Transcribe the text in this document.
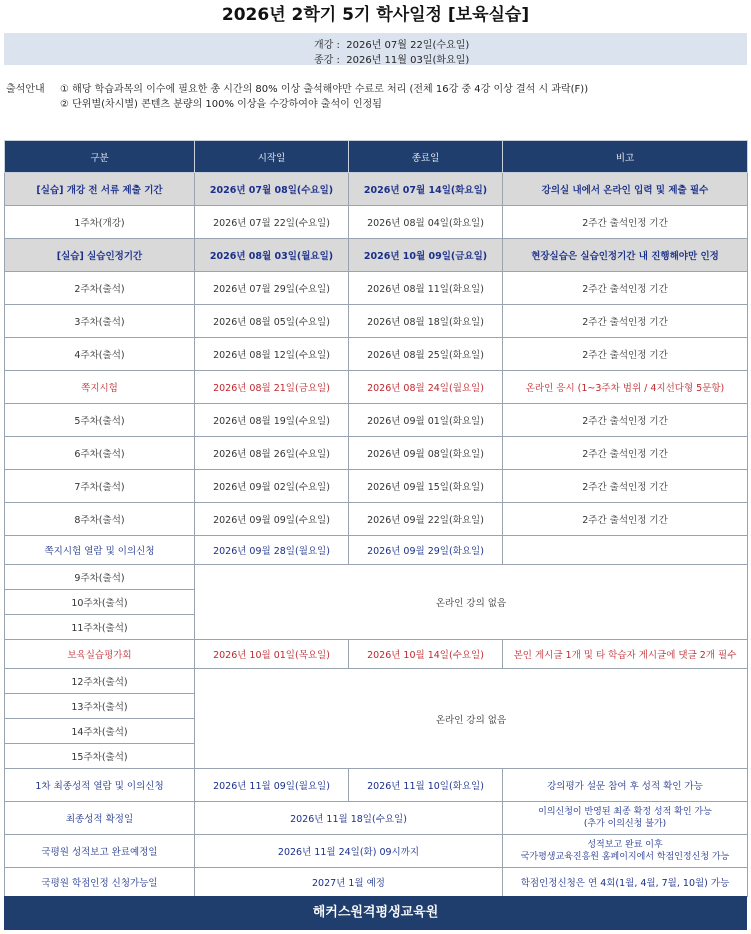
2026년 2학기 5기 학사일정 [보육실습]
개강 :  2026년 07월 22일(수요일)
종강 :  2026년 11월 03일(화요일)
출석안내 ① 해당 학습과목의 이수에 필요한 총 시간의 80% 이상 출석해야만 수료로 처리 (전체 16강 중 4강 이상 결석 시 과락(F))
② 단위별(차시별) 콘텐츠 분량의 100% 이상을 수강하여야 출석이 인정됨
구분	시작일	종료일	비고
[실습] 개강 전 서류 제출 기간	2026년 07월 08일(수요일)	2026년 07월 14일(화요일)	강의실 내에서 온라인 입력 및 제출 필수
1주차(개강)	2026년 07월 22일(수요일)	2026년 08월 04일(화요일)	2주간 출석인정 기간
[실습] 실습인정기간	2026년 08월 03일(월요일)	2026년 10월 09일(금요일)	현장실습은 실습인정기간 내 진행해야만 인정
2주차(출석)	2026년 07월 29일(수요일)	2026년 08월 11일(화요일)	2주간 출석인정 기간
3주차(출석)	2026년 08월 05일(수요일)	2026년 08월 18일(화요일)	2주간 출석인정 기간
4주차(출석)	2026년 08월 12일(수요일)	2026년 08월 25일(화요일)	2주간 출석인정 기간
쪽지시험	2026년 08월 21일(금요일)	2026년 08월 24일(월요일)	온라인 응시 (1~3주차 범위 / 4지선다형 5문항)
5주차(출석)	2026년 08월 19일(수요일)	2026년 09월 01일(화요일)	2주간 출석인정 기간
6주차(출석)	2026년 08월 26일(수요일)	2026년 09월 08일(화요일)	2주간 출석인정 기간
7주차(출석)	2026년 09월 02일(수요일)	2026년 09월 15일(화요일)	2주간 출석인정 기간
8주차(출석)	2026년 09월 09일(수요일)	2026년 09월 22일(화요일)	2주간 출석인정 기간
쪽지시험 열람 및 이의신청	2026년 09월 28일(월요일)	2026년 09월 29일(화요일)	
9주차(출석)	온라인 강의 없음		
10주차(출석)			
11주차(출석)			
보육실습평가회	2026년 10월 01일(목요일)	2026년 10월 14일(수요일)	본인 게시글 1개 및 타 학습자 게시글에 댓글 2개 필수
12주차(출석)	온라인 강의 없음		
13주차(출석)			
14주차(출석)			
15주차(출석)			
1차 최종성적 열람 및 이의신청	2026년 11월 09일(월요일)	2026년 11월 10일(화요일)	강의평가 설문 참여 후 성적 확인 가능
최종성적 확정일	2026년 11월 18일(수요일)		이의신청이 반영된 최종 확정 성적 확인 가능
(추가 이의신청 불가)

국평원 성적보고 완료예정일	2026년 11월 24일(화) 09시까지		성적보고 완료 이후
국가평생교육진흥원 홈페이지에서 학점인정신청 가능

국평원 학점인정 신청가능일	2027년 1월 예정		학점인정신청은 연 4회(1월, 4월, 7월, 10월) 가능
해커스원격평생교육원
